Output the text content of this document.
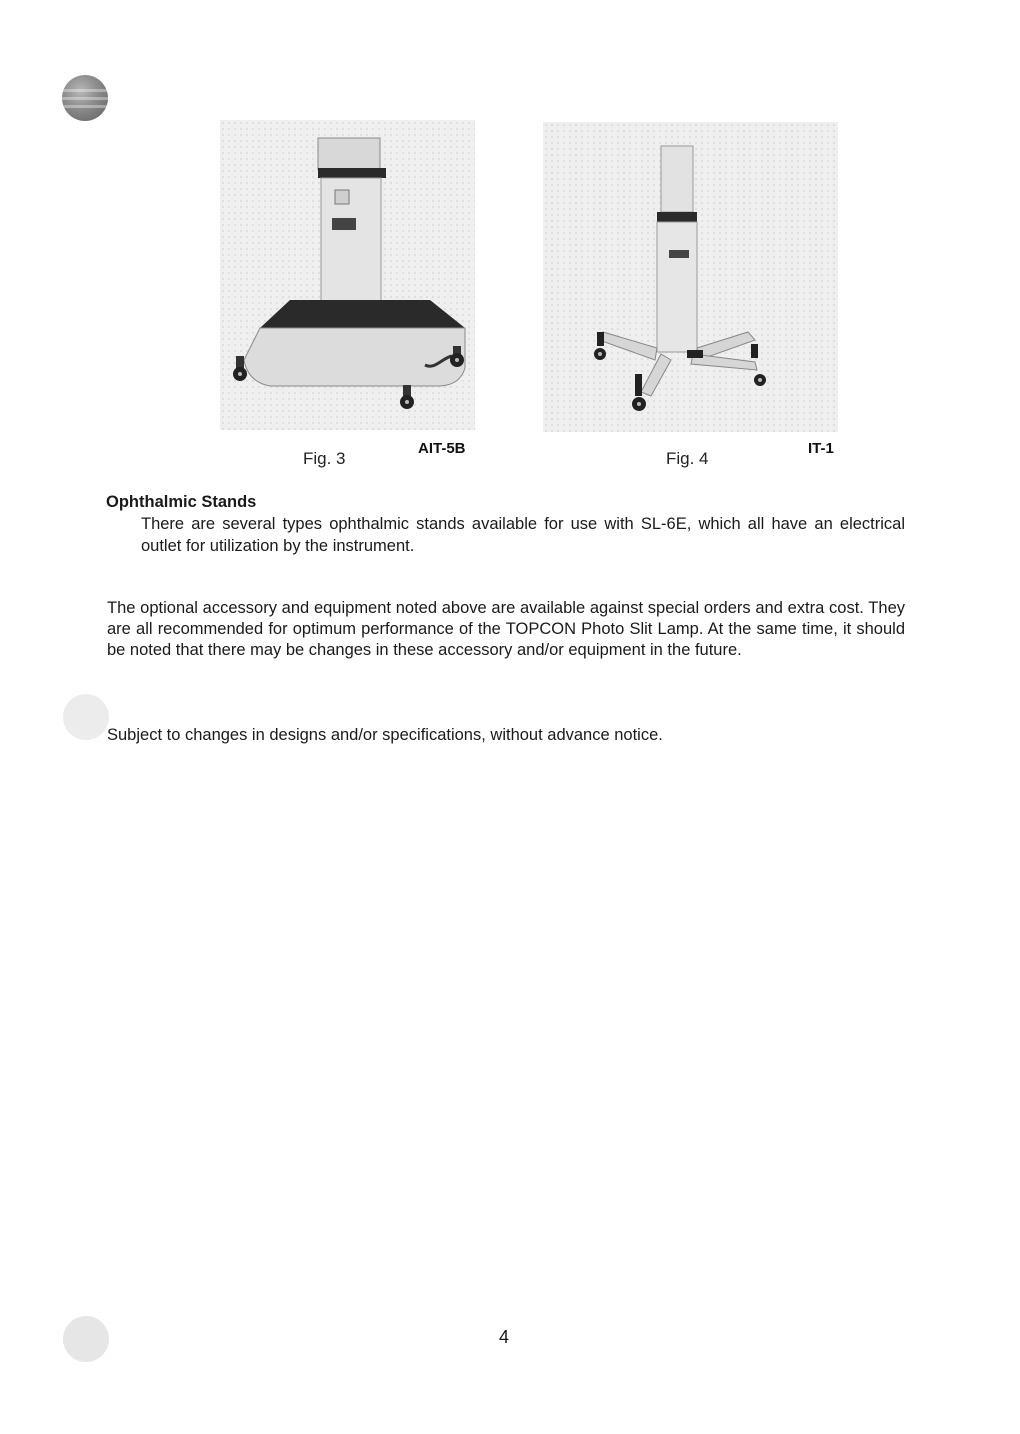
Fig. 3
AIT-5B
Fig. 4
IT-1
Ophthalmic Stands

There are several types ophthalmic stands available for use with SL-6E, which all have an electrical outlet for utilization by the instrument.

The optional accessory and equipment noted above are available against special orders and extra cost. They are all recommended for optimum performance of the TOPCON Photo Slit Lamp. At the same time, it should be noted that there may be changes in these accessory and/or equipment in the future.

Subject to changes in designs and/or specifications, without advance notice.

4
